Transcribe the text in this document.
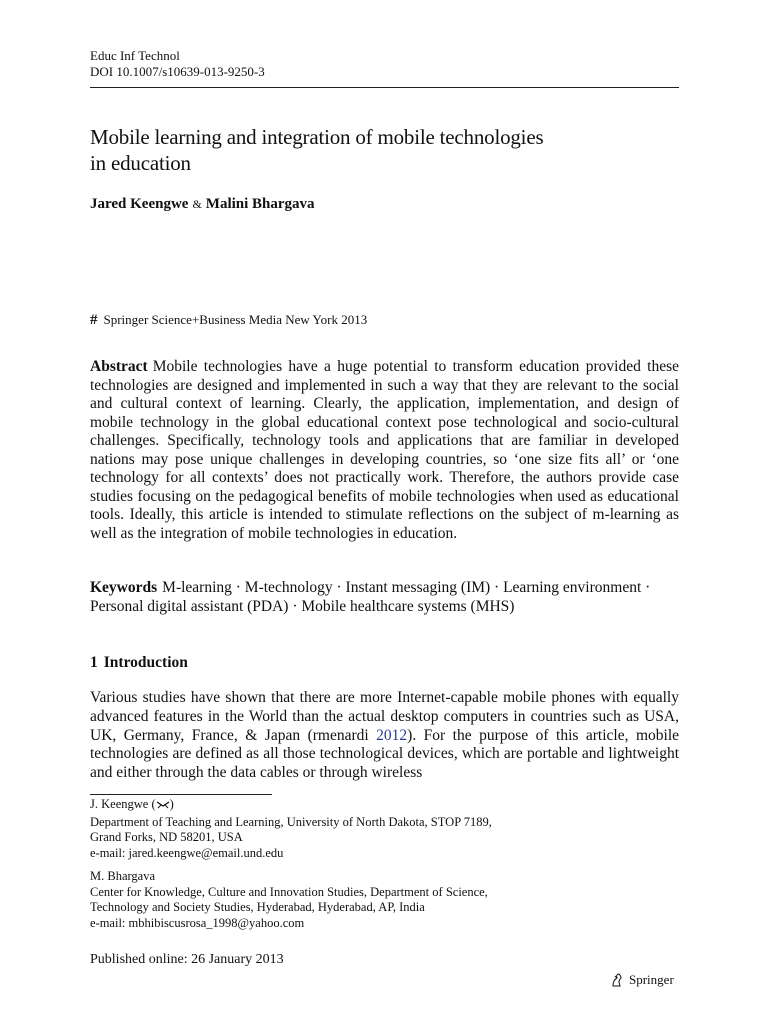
Educ Inf Technol
DOI 10.1007/s10639-013-9250-3
Mobile learning and integration of mobile technologies
in education
Jared Keengwe & Malini Bhargava
# Springer Science+Business Media New York 2013
Abstract Mobile technologies have a huge potential to transform education provided these technologies are designed and implemented in such a way that they are relevant to the social and cultural context of learning. Clearly, the application, implementation, and design of mobile technology in the global educational context pose technological and socio-cultural challenges. Specifically, technology tools and applications that are familiar in developed nations may pose unique challenges in developing countries, so ‘one size fits all’ or ‘one technology for all contexts’ does not practically work. Therefore, the authors provide case studies focusing on the pedagogical benefits of mobile technologies when used as educational tools. Ideally, this article is intended to stimulate reflections on the subject of m-learning as well as the integration of mobile technologies in education.
Keywords M-learning · M-technology · Instant messaging (IM) · Learning environment · Personal digital assistant (PDA) · Mobile healthcare systems (MHS)
1 Introduction
Various studies have shown that there are more Internet-capable mobile phones with equally advanced features in the World than the actual desktop computers in countries such as USA, UK, Germany, France, & Japan (rmenardi 2012). For the purpose of this article, mobile technologies are defined as all those technological devices, which are portable and lightweight and either through the data cables or through wireless
J. Keengwe ( )
Department of Teaching and Learning, University of North Dakota, STOP 7189,
Grand Forks, ND 58201, USA
e-mail: jared.keengwe@email.und.edu
M. Bhargava
Center for Knowledge, Culture and Innovation Studies, Department of Science,
Technology and Society Studies, Hyderabad, Hyderabad, AP, India
e-mail: mbhibiscusrosa_1998@yahoo.com
Published online: 26 January 2013
Springer
